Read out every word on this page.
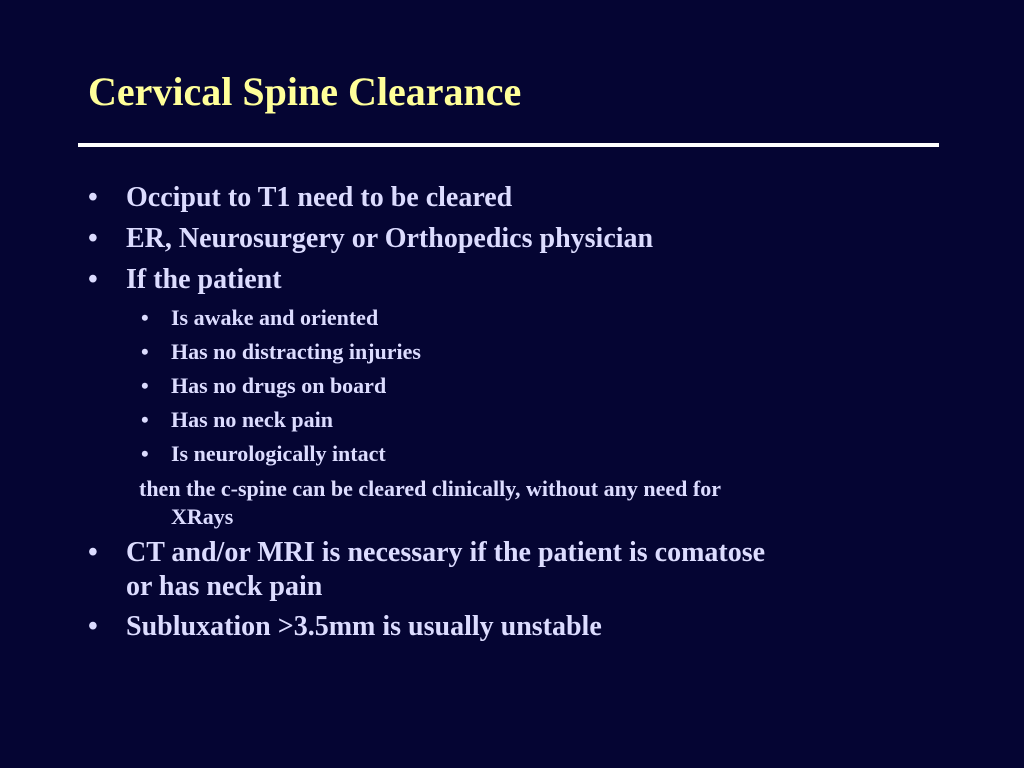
Cervical Spine Clearance
• Occiput to T1 need to be cleared
• ER, Neurosurgery or Orthopedics physician
• If the patient
• Is awake and oriented
• Has no distracting injuries
• Has no drugs on board
• Has no neck pain
• Is neurologically intact
then the c-spine can be cleared clinically, without any need for
XRays
• CT and/or MRI is necessary if the patient is comatose
or has neck pain
• Subluxation >3.5mm is usually unstable
